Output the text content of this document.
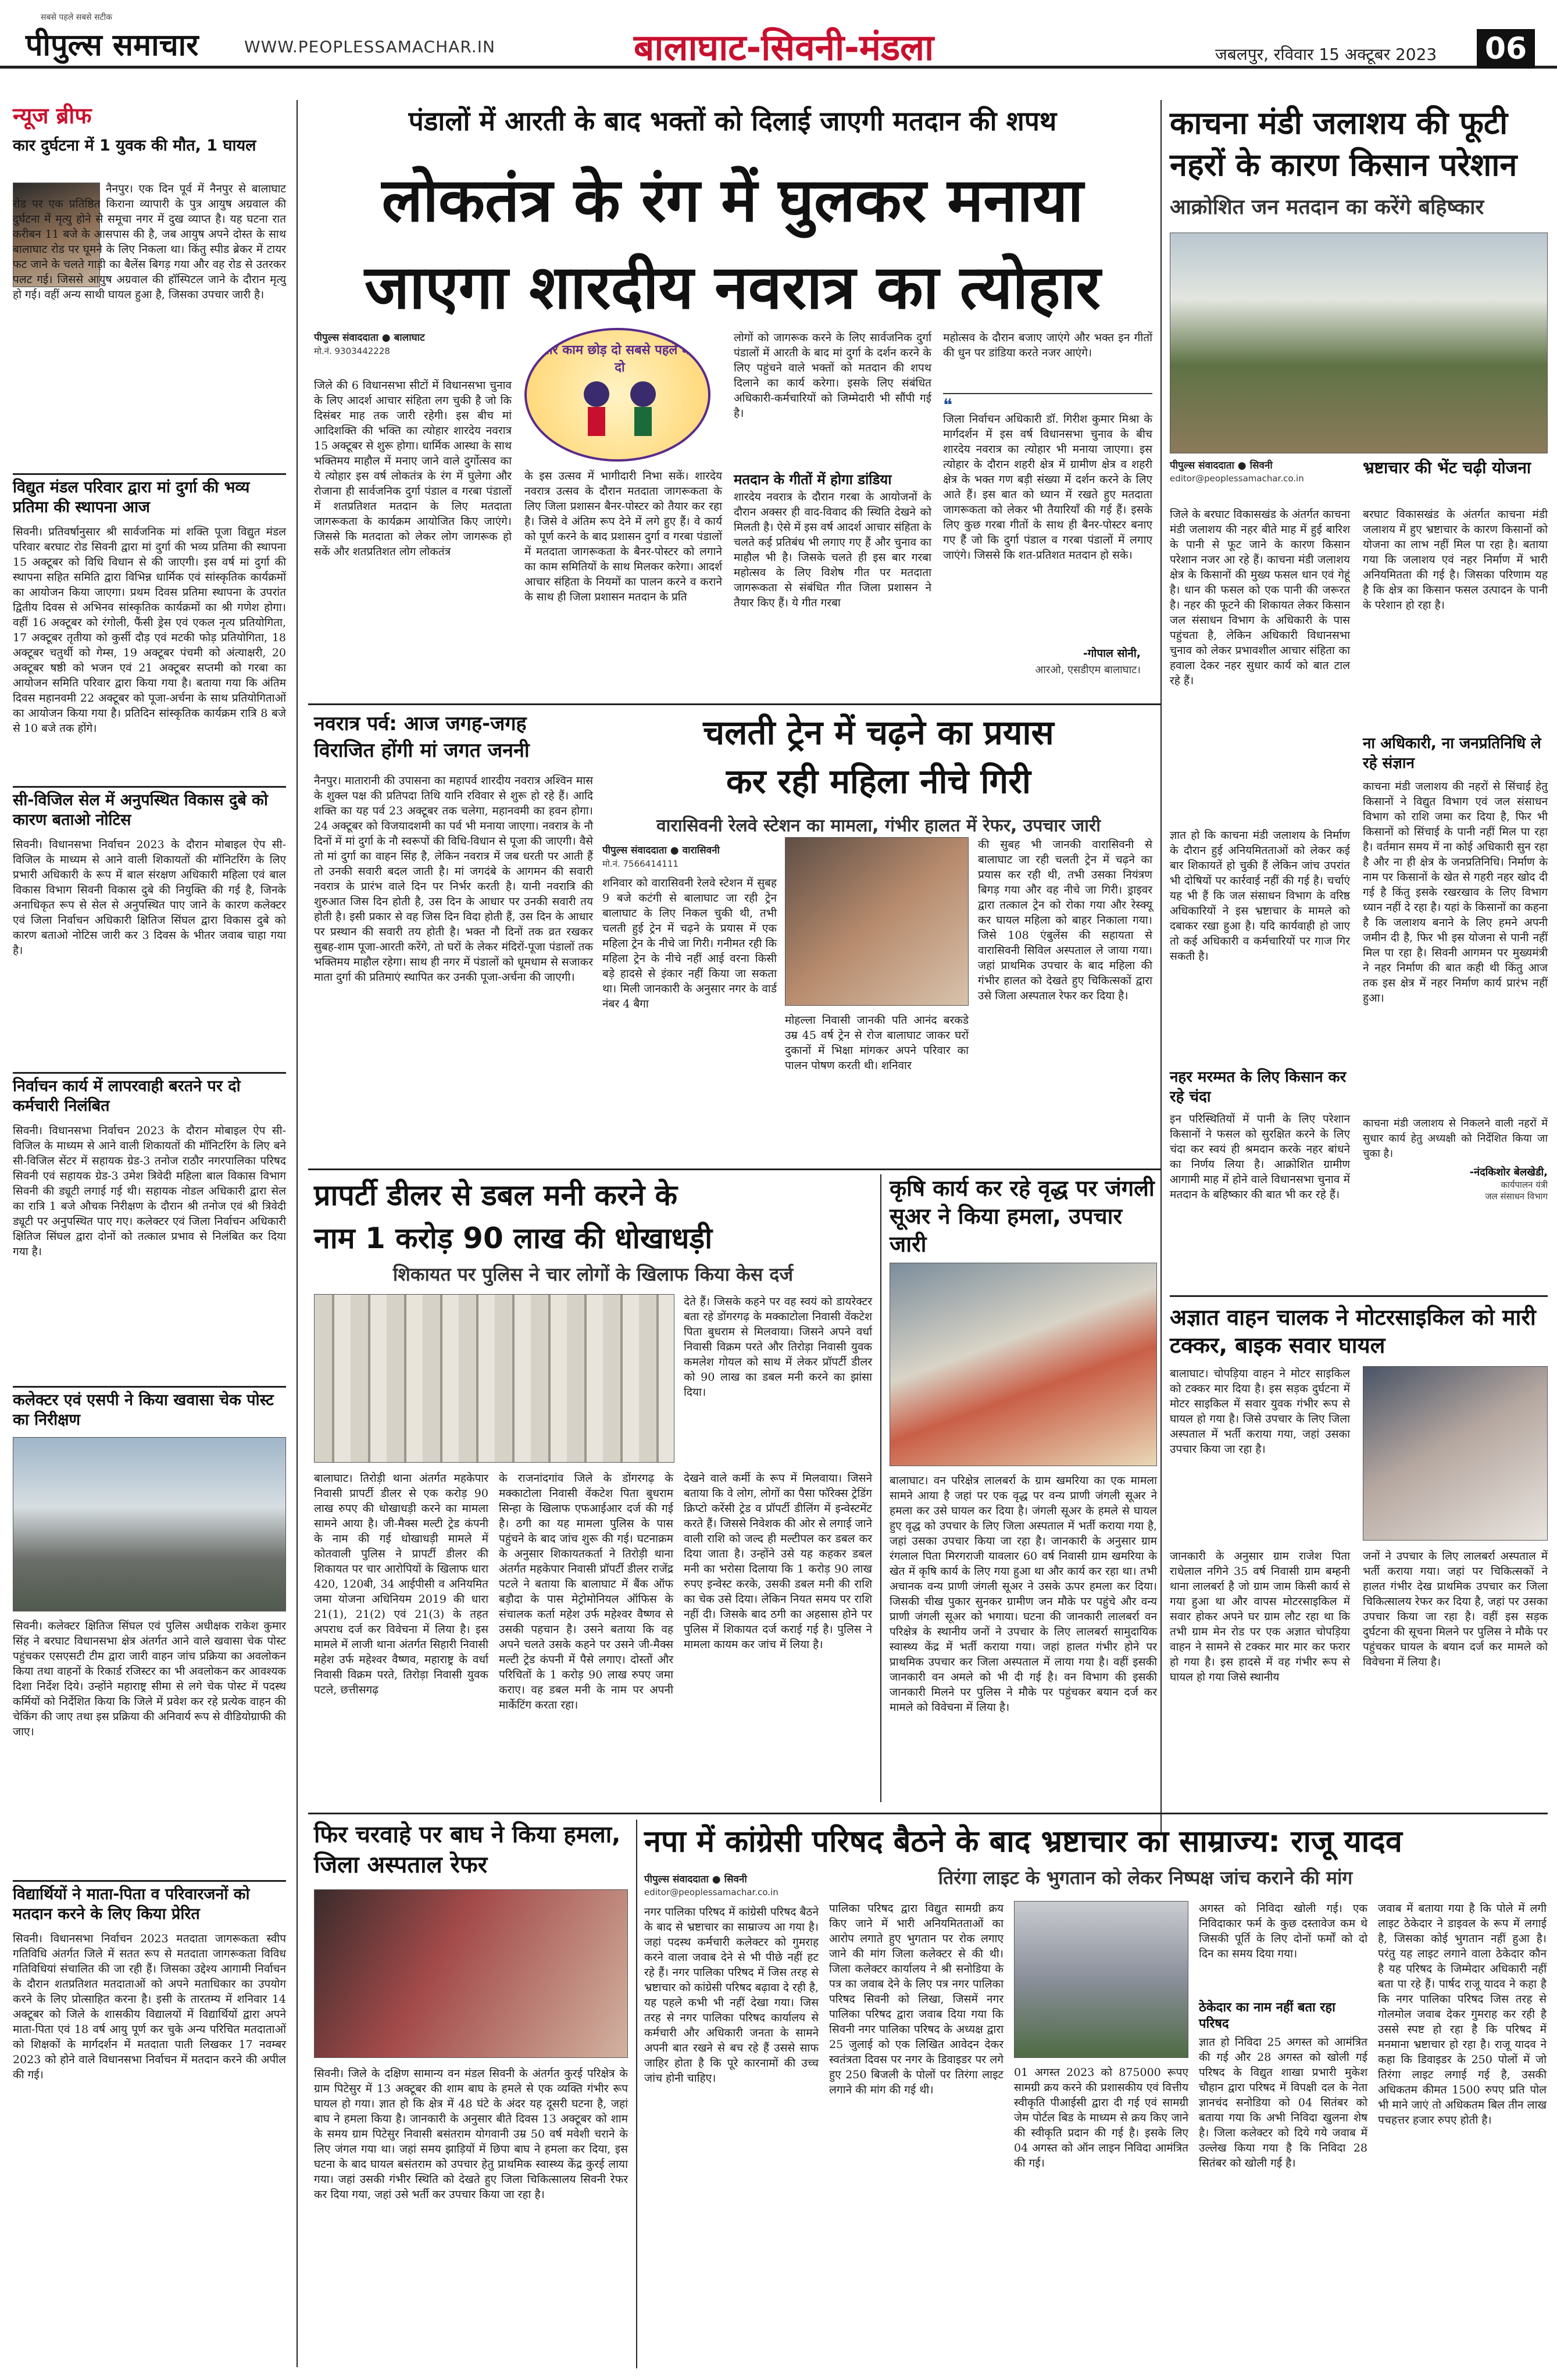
पीपुल्स समाचार
सबसे पहले सबसे सटीक
WWW.PEOPLESSAMACHAR.IN	बालाघाट-सिवनी-मंडला	जबलपुर, रविवार 15 अक्टूबर 2023 06
न्यूज ब्रीफ
कार दुर्घटना में 1 युवक की मौत, 1 घायल
नैनपुर। एक दिन पूर्व में नैनपुर से बालाघाट रोड पर एक प्रतिष्ठित किराना व्यापारी के पुत्र आयुष अग्रवाल की दुर्घटना में मृत्यु होने से समूचा नगर में दुख व्याप्त है। यह घटना रात करीबन 11 बजे के आसपास की है, जब आयुष अपने दोस्त के साथ बालाघाट रोड पर घूमने के लिए निकला था। किंतु स्पीड ब्रेकर में टायर फट जाने के चलते गाड़ी का बैलेंस बिगड़ गया और वह रोड से उतरकर पलट गई। जिससे आयुष अग्रवाल की हॉस्पिटल जाने के दौरान मृत्यु हो गई। वहीं अन्य साथी घायल हुआ है, जिसका उपचार जारी है।
विद्युत मंडल परिवार द्वारा मां दुर्गा की भव्य प्रतिमा की स्थापना आज
सिवनी। प्रतिवर्षानुसार श्री सार्वजनिक मां शक्ति पूजा विद्युत मंडल परिवार बरघाट रोड सिवनी द्वारा मां दुर्गा की भव्य प्रतिमा की स्थापना 15 अक्टूबर को विधि विधान से की जाएगी। इस वर्ष मां दुर्गा की स्थापना सहित समिति द्वारा विभिन्न धार्मिक एवं सांस्कृतिक कार्यक्रमों का आयोजन किया जाएगा। प्रथम दिवस प्रतिमा स्थापना के उपरांत द्वितीय दिवस से अभिनव सांस्कृतिक कार्यक्रमों का श्री गणेश होगा। वहीं 16 अक्टूबर को रंगोली, फैंसी ड्रेस एवं एकल नृत्य प्रतियोगिता, 17 अक्टूबर तृतीया को कुर्सी दौड़ एवं मटकी फोड़ प्रतियोगिता, 18 अक्टूबर चतुर्थी को गेम्स, 19 अक्टूबर पंचमी को अंत्याक्षरी, 20 अक्टूबर षष्ठी को भजन एवं 21 अक्टूबर सप्तमी को गरबा का आयोजन समिति परिवार द्वारा किया गया है। बताया गया कि अंतिम दिवस महानवमी 22 अक्टूबर को पूजा-अर्चना के साथ प्रतियोगिताओं का आयोजन किया गया है। प्रतिदिन सांस्कृतिक कार्यक्रम रात्रि 8 बजे से 10 बजे तक होंगे।
सी-विजिल सेल में अनुपस्थित विकास दुबे को कारण बताओ नोटिस
सिवनी। विधानसभा निर्वाचन 2023 के दौरान मोबाइल ऐप सी-विजिल के माध्यम से आने वाली शिकायतों की मॉनिटरिंग के लिए प्रभारी अधिकारी के रूप में बाल संरक्षण अधिकारी महिला एवं बाल विकास विभाग सिवनी विकास दुबे की नियुक्ति की गई है, जिनके अनाधिकृत रूप से सेल से अनुपस्थित पाए जाने के कारण कलेक्टर एवं जिला निर्वाचन अधिकारी क्षितिज सिंघल द्वारा विकास दुबे को कारण बताओ नोटिस जारी कर 3 दिवस के भीतर जवाब चाहा गया है।
निर्वाचन कार्य में लापरवाही बरतने पर दो कर्मचारी निलंबित
सिवनी। विधानसभा निर्वाचन 2023 के दौरान मोबाइल ऐप सी-विजिल के माध्यम से आने वाली शिकायतों की मॉनिटरिंग के लिए बने सी-विजिल सेंटर में सहायक ग्रेड-3 तनोज राठौर नगरपालिका परिषद सिवनी एवं सहायक ग्रेड-3 उमेश त्रिवेदी महिला बाल विकास विभाग सिवनी की ड्यूटी लगाई गई थी। सहायक नोडल अधिकारी द्वारा सेल का रात्रि 1 बजे औचक निरीक्षण के दौरान श्री तनोज एवं श्री त्रिवेदी ड्यूटी पर अनुपस्थित पाए गए। कलेक्टर एवं जिला निर्वाचन अधिकारी क्षितिज सिंघल द्वारा दोनों को तत्काल प्रभाव से निलंबित कर दिया गया है।
कलेक्टर एवं एसपी ने किया खवासा चेक पोस्ट का निरीक्षण
सिवनी। कलेक्टर क्षितिज सिंघल एवं पुलिस अधीक्षक राकेश कुमार सिंह ने बरघाट विधानसभा क्षेत्र अंतर्गत आने वाले खवासा चेक पोस्ट पहुंचकर एसएसटी टीम द्वारा जारी वाहन जांच प्रक्रिया का अवलोकन किया तथा वाहनों के रिकार्ड रजिस्टर का भी अवलोकन कर आवश्यक दिशा निर्देश दिये। उन्होंने महाराष्ट्र सीमा से लगे चेक पोस्ट में पदस्थ कर्मियों को निर्देशित किया कि जिले में प्रवेश कर रहे प्रत्येक वाहन की चेकिंग की जाए तथा इस प्रक्रिया की अनिवार्य रूप से वीडियोग्राफी की जाए।
विद्यार्थियों ने माता-पिता व परिवारजनों को मतदान करने के लिए किया प्रेरित
सिवनी। विधानसभा निर्वाचन 2023 मतदाता जागरूकता स्वीप गतिविधि अंतर्गत जिले में सतत रूप से मतदाता जागरूकता विविध गतिविधियां संचालित की जा रही हैं। जिसका उद्देश्य आगामी निर्वाचन के दौरान शतप्रतिशत मतदाताओं को अपने मताधिकार का उपयोग करने के लिए प्रोत्साहित करना है। इसी के तारतम्य में शनिवार 14 अक्टूबर को जिले के शासकीय विद्यालयों में विद्यार्थियों द्वारा अपने माता-पिता एवं 18 वर्ष आयु पूर्ण कर चुके अन्य परिचित मतदाताओं को शिक्षकों के मार्गदर्शन में मतदाता पाती लिखकर 17 नवम्बर 2023 को होने वाले विधानसभा निर्वाचन में मतदान करने की अपील की गई।
पंडालों में आरती के बाद भक्तों को दिलाई जाएगी मतदान की शपथ
लोकतंत्र के रंग में घुलकर मनाया
जाएगा शारदीय नवरात्र का त्योहार
पीपुल्स संवाददाता ● बालाघाट
मो.नं. 9303442228
जिले की 6 विधानसभा सीटों में विधानसभा चुनाव के लिए आदर्श आचार संहिता लग चुकी है जो कि दिसंबर माह तक जारी रहेगी। इस बीच मां आदिशक्ति की भक्ति का त्योहार शारदेय नवरात्र 15 अक्टूबर से शुरू होगा। धार्मिक आस्था के साथ भक्तिमय माहौल में मनाए जाने वाले दुर्गोत्सव का ये त्योहार इस वर्ष लोकतंत्र के रंग में घुलेगा और रोजाना ही सार्वजनिक दुर्गा पंडाल व गरबा पंडालों में शतप्रतिशत मतदान के लिए मतदाता जागरूकता के कार्यक्रम आयोजित किए जाएंगे। जिससे कि मतदाता को लेकर लोग जागरूक हो सकें और शतप्रतिशत लोग लोकतंत्र
सारे काम छोड़ दो सबसे पहले वोट दो
के इस उत्सव में भागीदारी निभा सकें। शारदेय नवरात्र उत्सव के दौरान मतदाता जागरूकता के लिए जिला प्रशासन बैनर-पोस्टर को तैयार कर रहा है। जिसे वे अंतिम रूप देने में लगे हुए हैं। वे कार्य को पूर्ण करने के बाद प्रशासन दुर्गा व गरबा पंडालों में मतदाता जागरूकता के बैनर-पोस्टर को लगाने का काम समितियों के साथ मिलकर करेगा। आदर्श आचार संहिता के नियमों का पालन करने व कराने के साथ ही जिला प्रशासन मतदान के प्रति
लोगों को जागरूक करने के लिए सार्वजनिक दुर्गा पंडालों में आरती के बाद मां दुर्गा के दर्शन करने के लिए पहुंचने वाले भक्तों को मतदान की शपथ दिलाने का कार्य करेगा। इसके लिए संबंधित अधिकारी-कर्मचारियों को जिम्मेदारी भी सौंपी गई है।
मतदान के गीतों में होगा डांडिया
शारदेय नवरात्र के दौरान गरबा के आयोजनों के दौरान अक्सर ही वाद-विवाद की स्थिति देखने को मिलती है। ऐसे में इस वर्ष आदर्श आचार संहिता के चलते कई प्रतिबंध भी लगाए गए हैं और चुनाव का माहौल भी है। जिसके चलते ही इस बार गरबा महोत्सव के लिए विशेष गीत पर मतदाता जागरूकता से संबंधित गीत जिला प्रशासन ने तैयार किए हैं। ये गीत गरबा
महोत्सव के दौरान बजाए जाएंगे और भक्त इन गीतों की धुन पर डांडिया करते नजर आएंगे।
❝
जिला निर्वाचन अधिकारी डॉ. गिरीश कुमार मिश्रा के मार्गदर्शन में इस वर्ष विधानसभा चुनाव के बीच शारदेय नवरात्र का त्योहार भी मनाया जाएगा। इस त्योहार के दौरान शहरी क्षेत्र में ग्रामीण क्षेत्र व शहरी क्षेत्र के भक्त गण बड़ी संख्या में दर्शन करने के लिए आते हैं। इस बात को ध्यान में रखते हुए मतदाता जागरूकता को लेकर भी तैयारियाँ की गई हैं। इसके लिए कुछ गरबा गीतों के साथ ही बैनर-पोस्टर बनाए गए हैं जो कि दुर्गा पंडाल व गरबा पंडालों में लगाए जाएंगे। जिससे कि शत-प्रतिशत मतदान हो सके।
-गोपाल सोनी,
आरओ, एसडीएम बालाघाट।
काचना मंडी जलाशय की फूटी नहरों के कारण किसान परेशान
आक्रोशित जन मतदान का करेंगे बहिष्कार
पीपुल्स संवाददाता ● सिवनी
editor@peoplessamachar.co.in
भ्रष्टाचार की भेंट चढ़ी योजना
जिले के बरघाट विकासखंड के अंतर्गत काचना मंडी जलाशय की नहर बीते माह में हुई बारिश के पानी से फूट जाने के कारण किसान परेशान नजर आ रहे हैं। काचना मंडी जलाशय क्षेत्र के किसानों की मुख्य फसल धान एवं गेहूं है। धान की फसल को एक पानी की जरूरत है। नहर की फूटने की शिकायत लेकर किसान जल संसाधन विभाग के अधिकारी के पास पहुंचता है, लेकिन अधिकारी विधानसभा चुनाव को लेकर प्रभावशील आचार संहिता का हवाला देकर नहर सुधार कार्य को बात टाल रहे हैं।
ज्ञात हो कि काचना मंडी जलाशय के निर्माण के दौरान हुई अनियमितताओं को लेकर कई बार शिकायतें हो चुकी हैं लेकिन जांच उपरांत भी दोषियों पर कार्रवाई नहीं की गई है। चर्चाएं यह भी हैं कि जल संसाधन विभाग के वरिष्ठ अधिकारियों ने इस भ्रष्टाचार के मामले को दबाकर रखा हुआ है। यदि कार्यवाही हो जाए तो कई अधिकारी व कर्मचारियों पर गाज गिर सकती है।
बरघाट विकासखंड के अंतर्गत काचना मंडी जलाशय में हुए भ्रष्टाचार के कारण किसानों को योजना का लाभ नहीं मिल पा रहा है। बताया गया कि जलाशय एवं नहर निर्माण में भारी अनियमितता की गई है। जिसका परिणाम यह है कि क्षेत्र का किसान फसल उत्पादन के पानी के परेशान हो रहा है।
ना अधिकारी, ना जनप्रतिनिधि ले रहे संज्ञान
काचना मंडी जलाशय की नहरों से सिंचाई हेतु किसानों ने विद्युत विभाग एवं जल संसाधन विभाग को राशि जमा कर दिया है, फिर भी किसानों को सिंचाई के पानी नहीं मिल पा रहा है। वर्तमान समय में ना कोई अधिकारी सुन रहा है और ना ही क्षेत्र के जनप्रतिनिधि। निर्माण के नाम पर किसानों के खेत से गहरी नहर खोद दी गई है किंतु इसके रखरखाव के लिए विभाग ध्यान नहीं दे रहा है। यहां के किसानों का कहना है कि जलाशय बनाने के लिए हमने अपनी जमीन दी है, फिर भी इस योजना से पानी नहीं मिल पा रहा है। सिवनी आगमन पर मुख्यमंत्री ने नहर निर्माण की बात कही थी किंतु आज तक इस क्षेत्र में नहर निर्माण कार्य प्रारंभ नहीं हुआ।
नहर मरम्मत के लिए किसान कर रहे चंदा
इन परिस्थितियों में पानी के लिए परेशान किसानों ने फसल को सुरक्षित करने के लिए चंदा कर स्वयं ही श्रमदान करके नहर बांधने का निर्णय लिया है। आक्रोशित ग्रामीण आगामी माह में होने वाले विधानसभा चुनाव में मतदान के बहिष्कार की बात भी कर रहे हैं।
काचना मंडी जलाशय से निकलने वाली नहरों में सुधार कार्य हेतु अध्यक्षी को निर्देशित किया जा चुका है।
-नंदकिशोर बेलखेडी,
कार्यपालन यंत्री
जल संसाधन विभाग
अज्ञात वाहन चालक ने मोटरसाइकिल को मारी टक्कर, बाइक सवार घायल
बालाघाट। चोपड़िया वाहन ने मोटर साइकिल को टक्कर मार दिया है। इस सड़क दुर्घटना में मोटर साइकिल में सवार युवक गंभीर रूप से घायल हो गया है। जिसे उपचार के लिए जिला अस्पताल में भर्ती कराया गया, जहां उसका उपचार किया जा रहा है।
जानकारी के अनुसार ग्राम राजेश पिता राधेलाल नगिने 35 वर्ष निवासी ग्राम बम्हनी थाना लालबर्रा है जो ग्राम जाम किसी कार्य से गया हुआ था और वापस मोटरसाइकिल में सवार होकर अपने घर ग्राम लौट रहा था कि तभी ग्राम मेन रोड पर एक अज्ञात चोपड़िया वाहन ने सामने से टक्कर मार मार कर फरार हो गया है। इस हादसे में वह गंभीर रूप से घायल हो गया जिसे स्थानीय
जनों ने उपचार के लिए लालबर्रा अस्पताल में भर्ती कराया गया। जहां पर चिकित्सकों ने हालत गंभीर देख प्राथमिक उपचार कर जिला चिकित्सालय रेफर कर दिया है, जहां पर उसका उपचार किया जा रहा है। वहीं इस सड़क दुर्घटना की सूचना मिलने पर पुलिस ने मौके पर पहुंचकर घायल के बयान दर्ज कर मामले को विवेचना में लिया है।
नवरात्र पर्व: आज जगह-जगह विराजित होंगी मां जगत जननी
नैनपुर। मातारानी की उपासना का महापर्व शारदीय नवरात्र अश्विन मास के शुक्ल पक्ष की प्रतिपदा तिथि यानि रविवार से शुरू हो रहे हैं। आदि शक्ति का यह पर्व 23 अक्टूबर तक चलेगा, महानवमी का हवन होगा। 24 अक्टूबर को विजयादशमी का पर्व भी मनाया जाएगा। नवरात्र के नौ दिनों में मां दुर्गा के नौ स्वरूपों की विधि-विधान से पूजा की जाएगी। वैसे तो मां दुर्गा का वाहन सिंह है, लेकिन नवरात्र में जब धरती पर आती हैं तो उनकी सवारी बदल जाती है। मां जगदंबे के आगमन की सवारी नवरात्र के प्रारंभ वाले दिन पर निर्भर करती है। यानी नवरात्रि की शुरुआत जिस दिन होती है, उस दिन के आधार पर उनकी सवारी तय होती है। इसी प्रकार से वह जिस दिन विदा होती हैं, उस दिन के आधार पर प्रस्थान की सवारी तय होती है। भक्त नौ दिनों तक व्रत रखकर सुबह-शाम पूजा-आरती करेंगे, तो घरों के लेकर मंदिरों-पूजा पंडालों तक भक्तिमय माहौल रहेगा। साथ ही नगर में पंडालों को धूमधाम से सजाकर माता दुर्गा की प्रतिमाएं स्थापित कर उनकी पूजा-अर्चना की जाएगी।
चलती ट्रेन में चढ़ने का प्रयास
कर रही महिला नीचे गिरी
वारासिवनी रेलवे स्टेशन का मामला, गंभीर हालत में रेफर, उपचार जारी
पीपुल्स संवाददाता ● वारासिवनी
मो.नं. 7566414111
शनिवार को वारासिवनी रेलवे स्टेशन में सुबह 9 बजे कटंगी से बालाघाट जा रही ट्रेन बालाघाट के लिए निकल चुकी थी, तभी चलती हुई ट्रेन में चढ़ने के प्रयास में एक महिला ट्रेन के नीचे जा गिरी। गनीमत रही कि महिला ट्रेन के नीचे नहीं आई वरना किसी बड़े हादसे से इंकार नहीं किया जा सकता था। मिली जानकारी के अनुसार नगर के वार्ड नंबर 4 बैगा
मोहल्ला निवासी जानकी पति आनंद बरकडे उम्र 45 वर्ष ट्रेन से रोज बालाघाट जाकर घरों दुकानों में भिक्षा मांगकर अपने परिवार का पालन पोषण करती थी। शनिवार
की सुबह भी जानकी वारासिवनी से बालाघाट जा रही चलती ट्रेन में चढ़ने का प्रयास कर रही थी, तभी उसका नियंत्रण बिगड़ गया और वह नीचे जा गिरी। ड्राइवर द्वारा तत्काल ट्रेन को रोका गया और रेस्क्यू कर घायल महिला को बाहर निकाला गया। जिसे 108 एंबुलेंस की सहायता से वारासिवनी सिविल अस्पताल ले जाया गया। जहां प्राथमिक उपचार के बाद महिला की गंभीर हालत को देखते हुए चिकित्सकों द्वारा उसे जिला अस्पताल रेफर कर दिया है।
प्रापर्टी डीलर से डबल मनी करने के
नाम 1 करोड़ 90 लाख की धोखाधड़ी
शिकायत पर पुलिस ने चार लोगों के खिलाफ किया केस दर्ज
देते हैं। जिसके कहने पर वह स्वयं को डायरेक्टर बता रहे डोंगरगढ़ के मक्काटोला निवासी वेंकटेश पिता बुधराम से मिलवाया। जिसने अपने वर्धा निवासी विक्रम परते और तिरोड़ा निवासी युवक कमलेश गोयल को साथ में लेकर प्रॉपर्टी डीलर को 90 लाख का डबल मनी करने का झांसा दिया।
बालाघाट। तिरोड़ी थाना अंतर्गत महकेपार निवासी प्रापर्टी डीलर से एक करोड़ 90 लाख रुपए की धोखाधड़ी करने का मामला सामने आया है। जी-मैक्स मल्टी ट्रेड कंपनी के नाम की गई धोखाधड़ी मामले में कोतवाली पुलिस ने प्रापर्टी डीलर की शिकायत पर चार आरोपियों के खिलाफ धारा 420, 120बी, 34 आईपीसी व अनियमित जमा योजना अधिनियम 2019 की धारा 21(1), 21(2) एवं 21(3) के तहत अपराध दर्ज कर विवेचना में लिया है। इस मामले में लाजी थाना अंतर्गत सिहारी निवासी महेश उर्फ महेश्वर वैष्णव, महाराष्ट्र के वर्धा निवासी विक्रम परते, तिरोड़ा निवासी युवक पटले, छत्तीसगढ़
के राजनांदगांव जिले के डोंगरगढ़ के मक्काटोला निवासी वेंकटेश पिता बुधराम सिन्हा के खिलाफ एफआईआर दर्ज की गई है। ठगी का यह मामला पुलिस के पास पहुंचने के बाद जांच शुरू की गई। घटनाक्रम के अनुसार शिकायतकर्ता ने तिरोड़ी थाना अंतर्गत महकेपार निवासी प्रॉपर्टी डीलर राजेंद्र पटले ने बताया कि बालाघाट में बैंक ऑफ बड़ौदा के पास मेट्रोमोनियल ऑफिस के संचालक कर्ता महेश उर्फ महेश्वर वैष्णव से उसकी पहचान है। उसने बताया कि वह अपने चलते उसके कहने पर उसने जी-मैक्स मल्टी ट्रेड कंपनी में पैसे लगाए। दोस्तों और परिचितों के 1 करोड़ 90 लाख रुपए जमा कराए। वह डबल मनी के नाम पर अपनी मार्केटिंग करता रहा।
देखने वाले कर्मी के रूप में मिलवाया। जिसने बताया कि वे लोग, लोगों का पैसा फॉरेक्स ट्रेडिंग क्रिप्टो करेंसी ट्रेड व प्रॉपर्टी डीलिंग में इन्वेस्टमेंट करते हैं। जिससे निवेशक की ओर से लगाई जाने वाली राशि को जल्द ही मल्टीपल कर डबल कर दिया जाता है। उन्होंने उसे यह कहकर डबल मनी का भरोसा दिलाया कि 1 करोड़ 90 लाख रुपए इन्वेस्ट करके, उसकी डबल मनी की राशि का चेक उसे दिया। लेकिन नियत समय पर राशि नहीं दी। जिसके बाद ठगी का अहसास होने पर पुलिस में शिकायत दर्ज कराई गई है। पुलिस ने मामला कायम कर जांच में लिया है।
कृषि कार्य कर रहे वृद्ध पर जंगली सूअर ने किया हमला, उपचार जारी
बालाघाट। वन परिक्षेत्र लालबर्रा के ग्राम खमरिया का एक मामला सामने आया है जहां पर एक वृद्ध पर वन्य प्राणी जंगली सूअर ने हमला कर उसे घायल कर दिया है। जंगली सूअर के हमले से घायल हुए वृद्ध को उपचार के लिए जिला अस्पताल में भर्ती कराया गया है, जहां उसका उपचार किया जा रहा है। जानकारी के अनुसार ग्राम रंगलाल पिता मिरगराजी यावलार 60 वर्ष निवासी ग्राम खमरिया के खेत में कृषि कार्य के लिए गया हुआ था और कार्य कर रहा था। तभी अचानक वन्य प्राणी जंगली सूअर ने उसके ऊपर हमला कर दिया। जिसकी चीख पुकार सुनकर ग्रामीण जन मौके पर पहुंचे और वन्य प्राणी जंगली सूअर को भगाया। घटना की जानकारी लालबर्रा वन परिक्षेत्र के स्थानीय जनों ने उपचार के लिए लालबर्रा सामुदायिक स्वास्थ्य केंद्र में भर्ती कराया गया। जहां हालत गंभीर होने पर प्राथमिक उपचार कर जिला अस्पताल में लाया गया है। वहीं इसकी जानकारी वन अमले को भी दी गई है। वन विभाग की इसकी जानकारी मिलने पर पुलिस ने मौके पर पहुंचकर बयान दर्ज कर मामले को विवेचना में लिया है।
फिर चरवाहे पर बाघ ने किया हमला, जिला अस्पताल रेफर
सिवनी। जिले के दक्षिण सामान्य वन मंडल सिवनी के अंतर्गत कुरई परिक्षेत्र के ग्राम पिटेसुर में 13 अक्टूबर की शाम बाघ के हमले से एक व्यक्ति गंभीर रूप घायल हो गया। ज्ञात हो कि क्षेत्र में 48 घंटे के अंदर यह दूसरी घटना है, जहां बाघ ने हमला किया है। जानकारी के अनुसार बीते दिवस 13 अक्टूबर को शाम के समय ग्राम पिटेसुर निवासी बसंतराम योगवानी उम्र 50 वर्ष मवेशी चराने के लिए जंगल गया था। जहां समय झाड़ियों में छिपा बाघ ने हमला कर दिया, इस घटना के बाद घायल बसंतराम को उपचार हेतु प्राथमिक स्वास्थ्य केंद्र कुरई लाया गया। जहां उसकी गंभीर स्थिति को देखते हुए जिला चिकित्सालय सिवनी रेफर कर दिया गया, जहां उसे भर्ती कर उपचार किया जा रहा है।
नपा में कांग्रेसी परिषद बैठने के बाद भ्रष्टाचार का साम्राज्य: राजू यादव
तिरंगा लाइट के भुगतान को लेकर निष्पक्ष जांच कराने की मांग
पीपुल्स संवाददाता ● सिवनी
editor@peoplessamachar.co.in
नगर पालिका परिषद में कांग्रेसी परिषद बैठने के बाद से भ्रष्टाचार का साम्राज्य आ गया है। जहां पदस्थ कर्मचारी कलेक्टर को गुमराह करने वाला जवाब देने से भी पीछे नहीं हट रहे हैं। नगर पालिका परिषद में जिस तरह से भ्रष्टाचार को कांग्रेसी परिषद बढ़ावा दे रही है, यह पहले कभी भी नहीं देखा गया। जिस तरह से नगर पालिका परिषद कार्यालय से कर्मचारी और अधिकारी जनता के सामने अपनी बात रखने से बच रहे हैं उससे साफ जाहिर होता है कि पूरे कारनामों की उच्च जांच होनी चाहिए।
पालिका परिषद द्वारा विद्युत सामग्री क्रय किए जाने में भारी अनियमितताओं का आरोप लगाते हुए भुगतान पर रोक लगाए जाने की मांग जिला कलेक्टर से की थी। जिला कलेक्टर कार्यालय ने श्री सनोडिया के पत्र का जवाब देने के लिए पत्र नगर पालिका परिषद सिवनी को लिखा, जिसमें नगर पालिका परिषद द्वारा जवाब दिया गया कि सिवनी नगर पालिका परिषद के अध्यक्ष द्वारा 25 जुलाई को एक लिखित आवेदन देकर स्वतंत्रता दिवस पर नगर के डिवाइडर पर लगे हुए 250 बिजली के पोलों पर तिरंगा लाइट लगाने की मांग की गई थी।
01 अगस्त 2023 को 875000 रूपए सामग्री क्रय करने की प्रशासकीय एवं वित्तीय स्वीकृति पीआईसी द्वारा दी गई एवं सामग्री जेम पोर्टल बिड के माध्यम से क्रय किए जाने की स्वीकृति प्रदान की गई है। इसके लिए 04 अगस्त को ऑन लाइन निविदा आमंत्रित की गई।
अगस्त को निविदा खोली गई। एक निविदाकार फर्म के कुछ दस्तावेज कम थे जिसकी पूर्ति के लिए दोनों फर्मों को दो दिन का समय दिया गया।
ठेकेदार का नाम नहीं बता रहा परिषद
ज्ञात हो निविदा 25 अगस्त को आमंत्रित की गई और 28 अगस्त को खोली गई परिषद के विद्युत शाखा प्रभारी मुकेश चौहान द्वारा परिषद में विपक्षी दल के नेता ज्ञानचंद सनोडिया को 04 सितंबर को बताया गया कि अभी निविदा खुलना शेष है। जिला कलेक्टर को दिये गये जवाब में उल्लेख किया गया है कि निविदा 28 सितंबर को खोली गई है।
जवाब में बताया गया है कि पोले में लगी लाइट ठेकेदार ने डाइवल के रूप में लगाई है, जिसका कोई भुगतान नहीं हुआ है। परंतु यह लाइट लगाने वाला ठेकेदार कौन है यह परिषद के जिम्मेदार अधिकारी नहीं बता पा रहे हैं। पार्षद राजू यादव ने कहा है कि नगर पालिका परिषद जिस तरह से गोलमोल जवाब देकर गुमराह कर रही है उससे स्पष्ट हो रहा है कि परिषद में मनमाना भ्रष्टाचार हो रहा है। राजू यादव ने कहा कि डिवाइडर के 250 पोलों में जो तिरंगा लाइट लगाई गई है, उसकी अधिकतम कीमत 1500 रुपए प्रति पोल भी माने जाएं तो अधिकतम बिल तीन लाख पचहत्तर हजार रुपए होती है।
